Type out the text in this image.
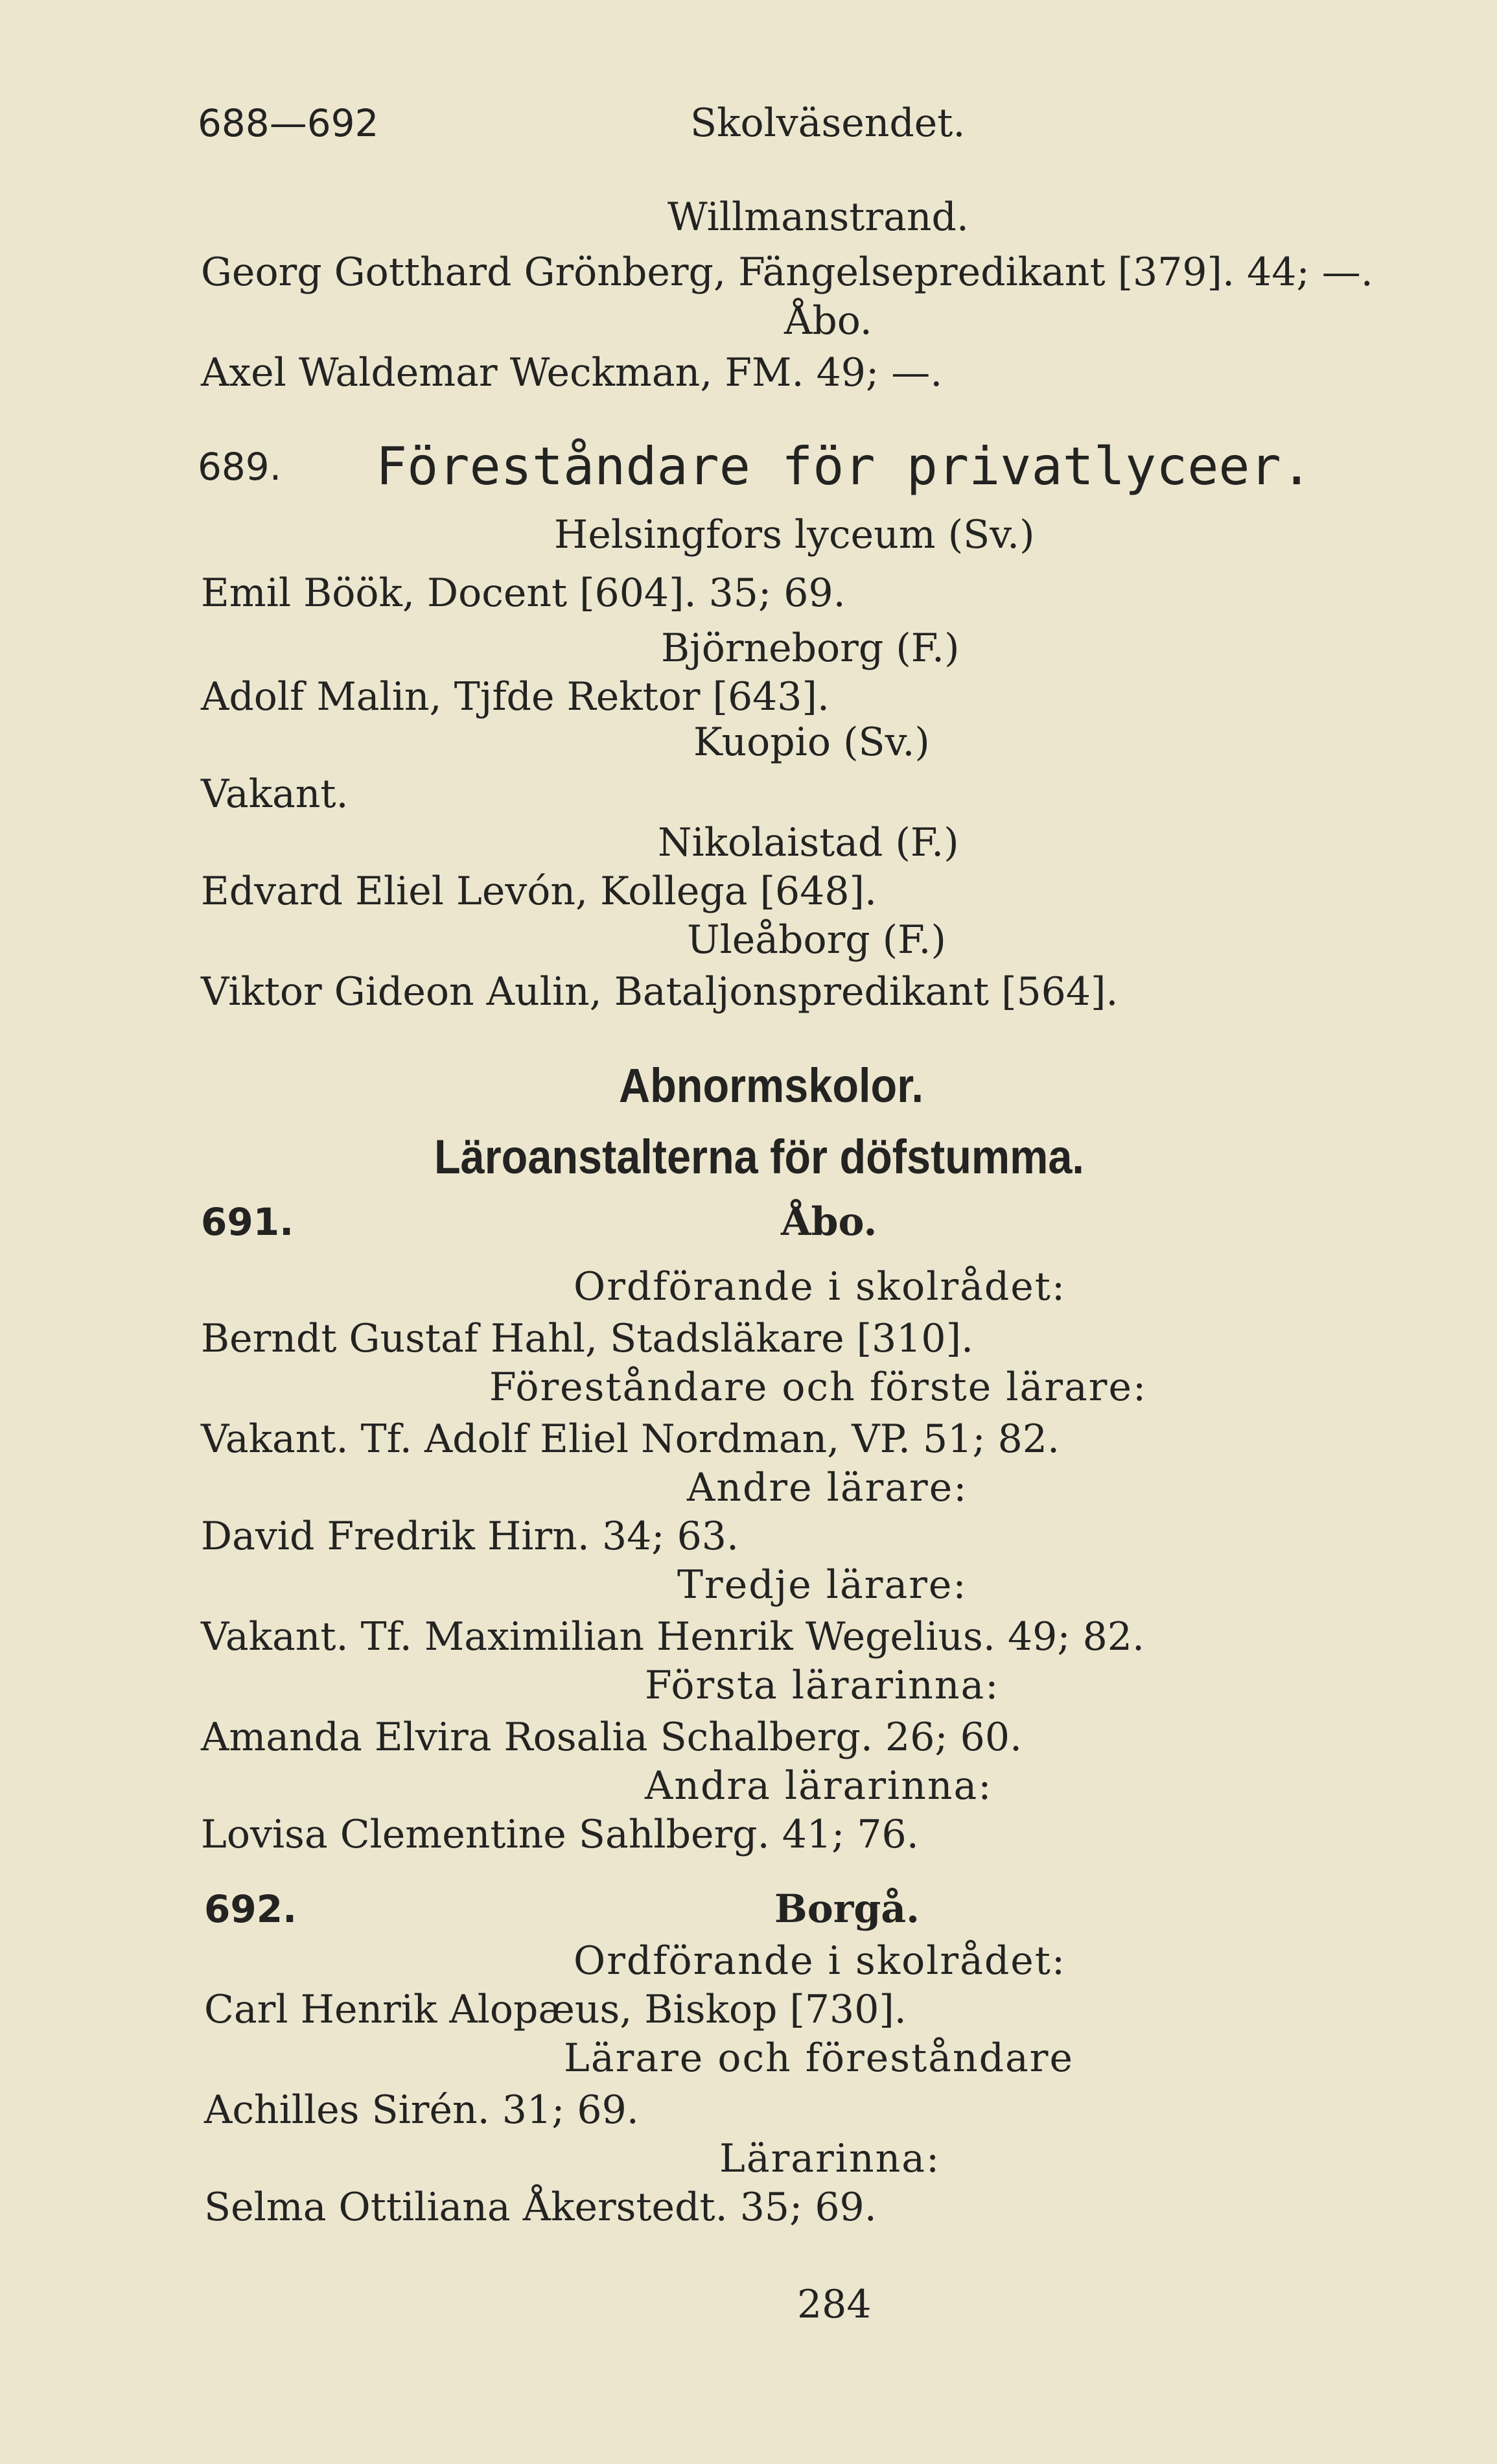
688—692	Skolväsendet.
Willmanstrand.
Georg Gotthard Grönberg, Fängelsepredikant [379]. 44; —.
Åbo.
Axel Waldemar Weckman, FM. 49; —.
689. Föreståndare för privatlyceer.
Helsingfors lyceum (Sv.)
Emil Böök, Docent [604]. 35; 69.
Björneborg (F.)
Adolf Malin, Tjfde Rektor [643].
Kuopio (Sv.)
Vakant.
Nikolaistad (F.)
Edvard Eliel Levón, Kollega [648].
Uleåborg (F.)
Viktor Gideon Aulin, Bataljonspredikant [564].
Abnormskolor.
Läroanstalterna för döfstumma.
691.	Åbo.
Ordförande i skolrådet:
Berndt Gustaf Hahl, Stadsläkare [310].
Föreståndare och förste lärare:
Vakant. Tf. Adolf Eliel Nordman, VP. 51; 82.
Andre lärare:
David Fredrik Hirn. 34; 63.
Tredje lärare:
Vakant. Tf. Maximilian Henrik Wegelius. 49; 82.
Första lärarinna:
Amanda Elvira Rosalia Schalberg. 26; 60.
Andra lärarinna:
Lovisa Clementine Sahlberg. 41; 76.
692.	Borgå.
Ordförande i skolrådet:
Carl Henrik Alopæus, Biskop [730].
Lärare och föreståndare
Achilles Sirén. 31; 69.
Lärarinna:
Selma Ottiliana Åkerstedt. 35; 69.
284
